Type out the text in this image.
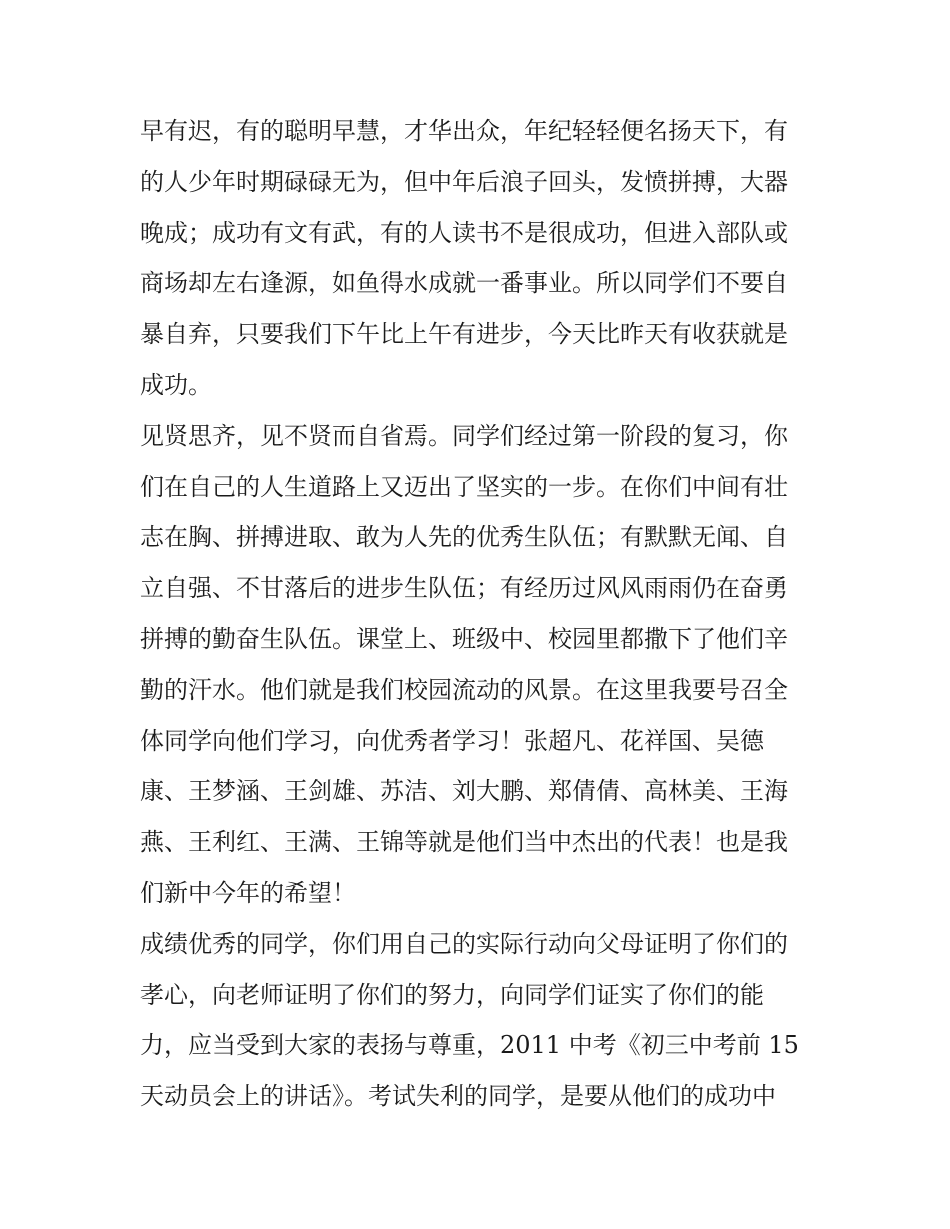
早有迟，有的聪明早慧，才华出众，年纪轻轻便名扬天下，有
的人少年时期碌碌无为，但中年后浪子回头，发愤拼搏，大器
晚成；成功有文有武，有的人读书不是很成功，但进入部队或
商场却左右逢源，如鱼得水成就一番事业。所以同学们不要自
暴自弃，只要我们下午比上午有进步，今天比昨天有收获就是
成功。
见贤思齐，见不贤而自省焉。同学们经过第一阶段的复习，你
们在自己的人生道路上又迈出了坚实的一步。在你们中间有壮
志在胸、拼搏进取、敢为人先的优秀生队伍；有默默无闻、自
立自强、不甘落后的进步生队伍；有经历过风风雨雨仍在奋勇
拼搏的勤奋生队伍。课堂上、班级中、校园里都撒下了他们辛
勤的汗水。他们就是我们校园流动的风景。在这里我要号召全
体同学向他们学习，向优秀者学习！张超凡、花祥国、吴德
康、王梦涵、王剑雄、苏洁、刘大鹏、郑倩倩、高林美、王海
燕、王利红、王满、王锦等就是他们当中杰出的代表！也是我
们新中今年的希望！
成绩优秀的同学，你们用自己的实际行动向父母证明了你们的
孝心，向老师证明了你们的努力，向同学们证实了你们的能
力，应当受到大家的表扬与尊重，2011 中考《初三中考前 15
天动员会上的讲话》。考试失利的同学，是要从他们的成功中
